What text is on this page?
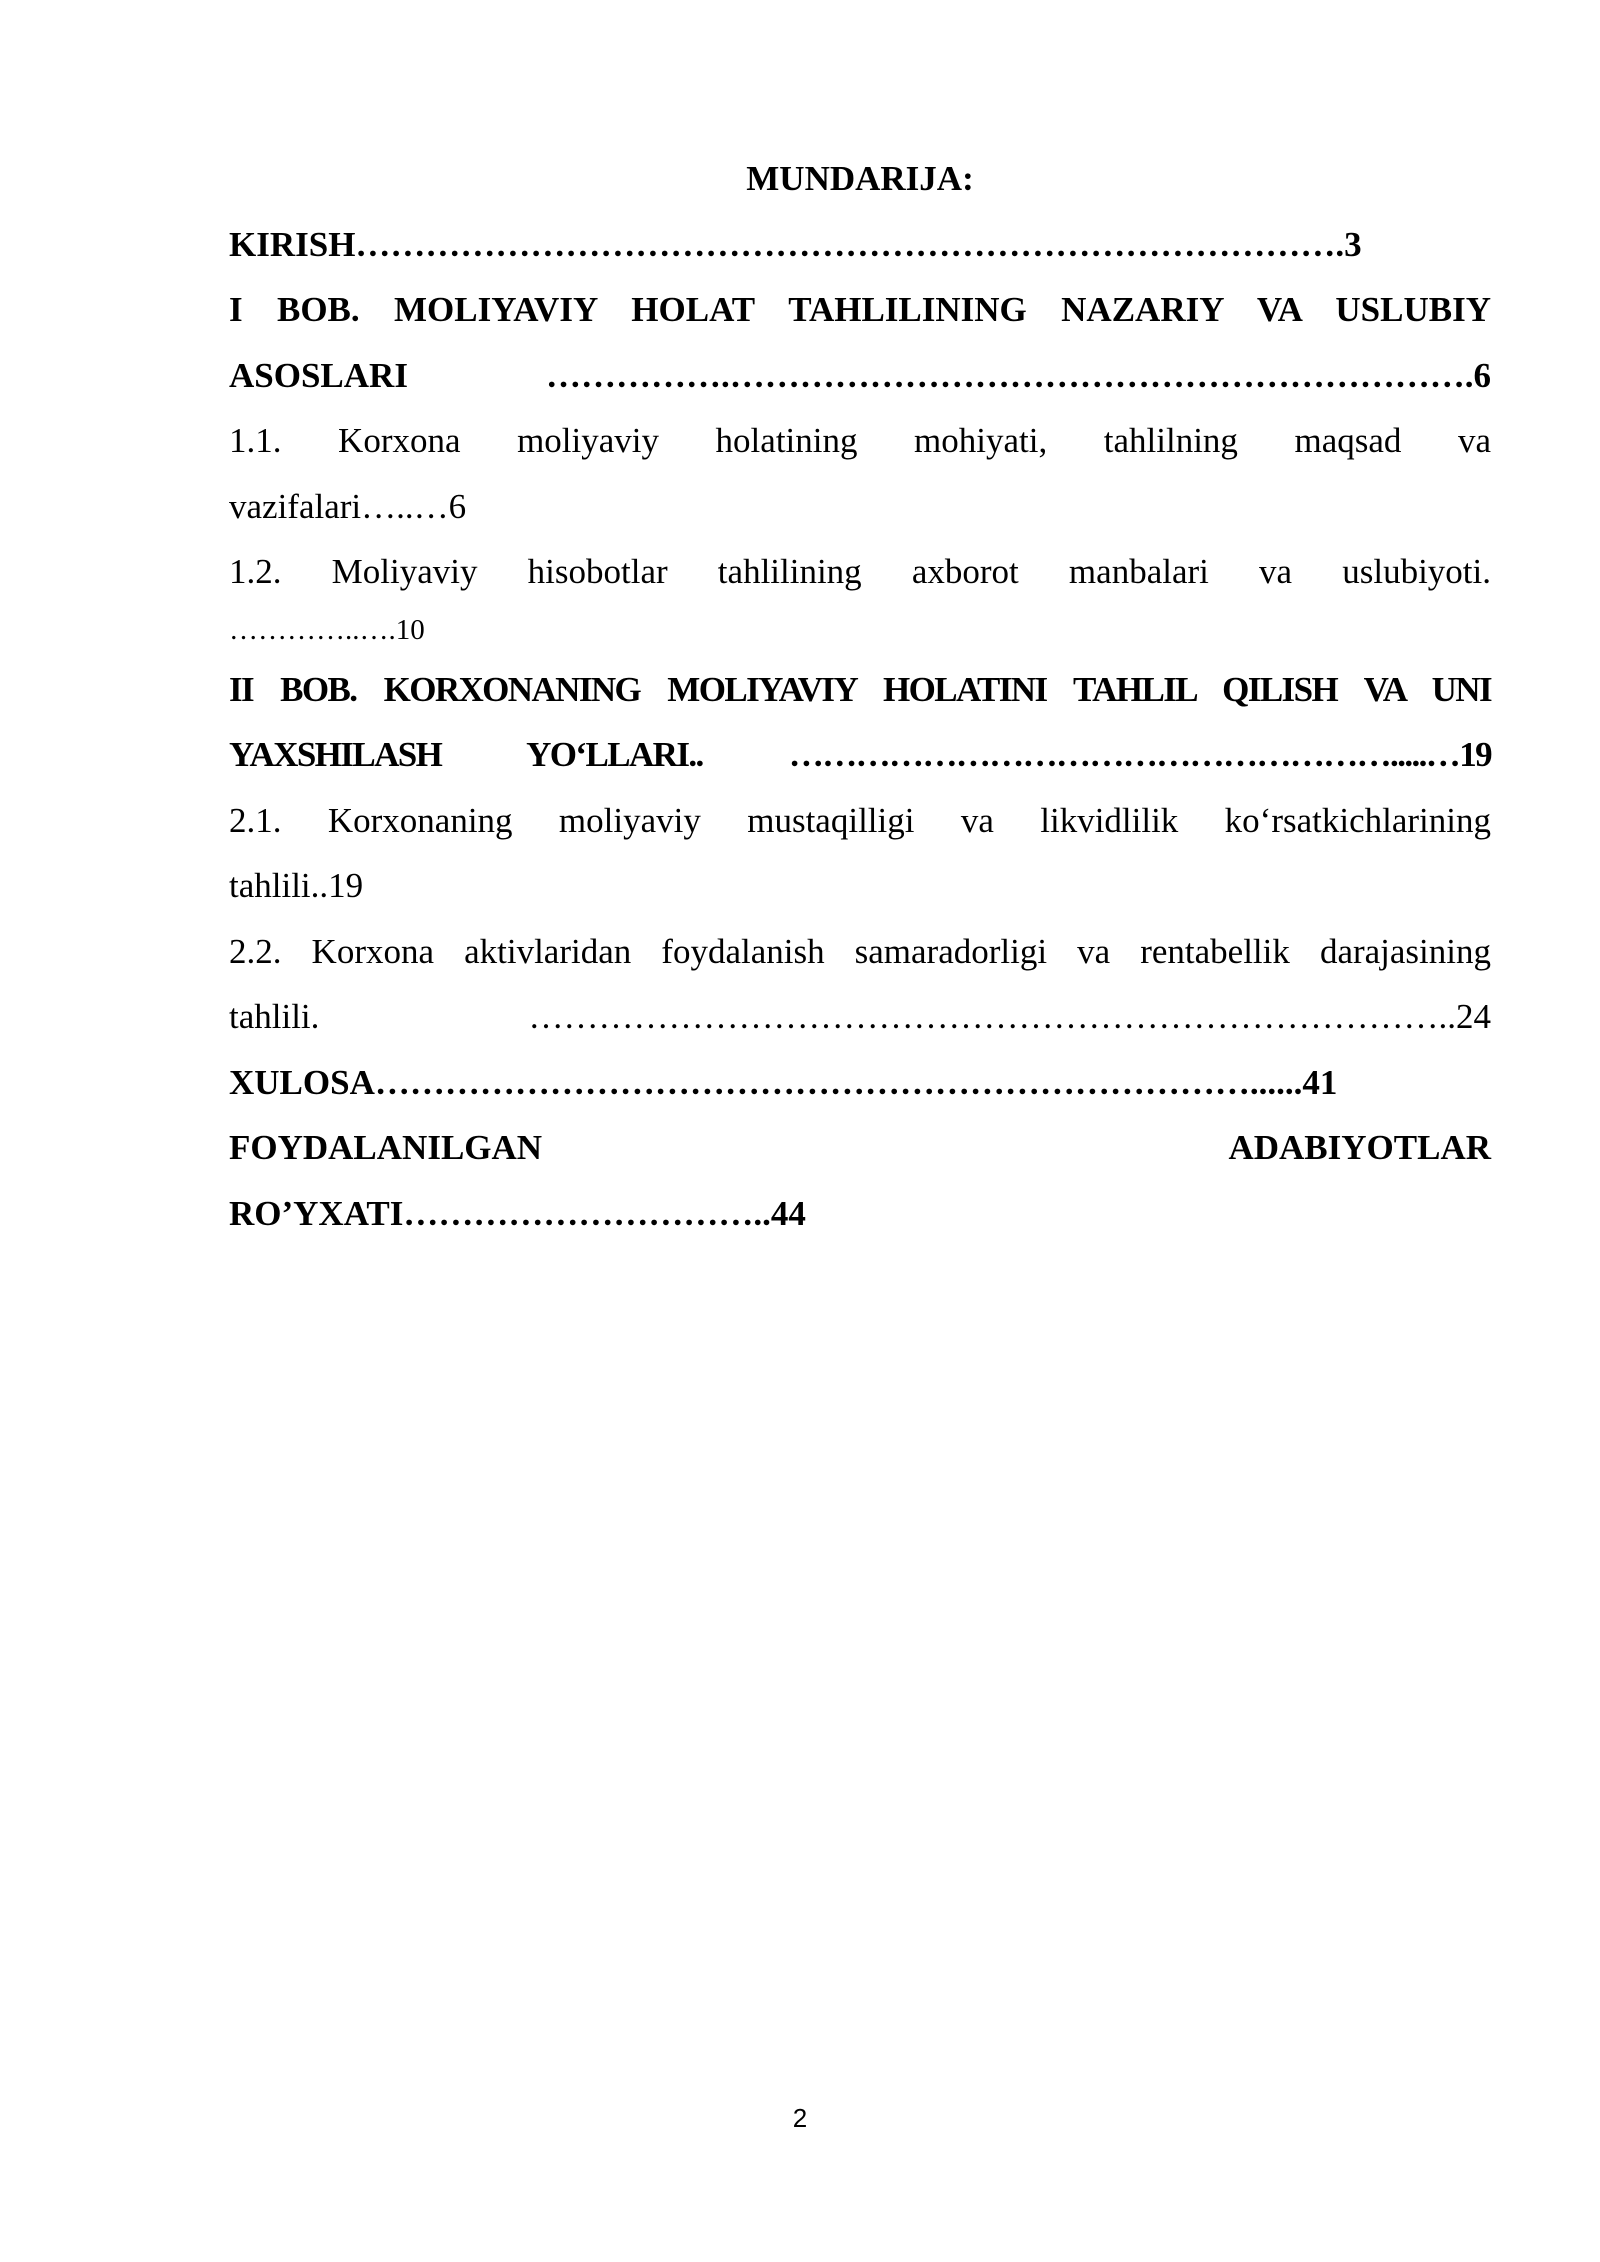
MUNDARIJA:
KIRISH………………………………………………………………………….3
I BOB. MOLIYAVIY HOLAT TAHLILINING NAZARIY VA USLUBIY
ASOSLARI …………….……………………………………………………….6
1.1. Korxona moliyaviy holatining mohiyati, tahlilning maqsad va
vazifalari…..…6
1.2. Moliyaviy hisobotlar tahlilining axborot manbalari va uslubiyoti.
…………..….10
II BOB. KORXONANING MOLIYAVIY HOLATINI TAHLIL QILISH VA UNI
YAXSHILASH YO‘LLARI.. ……………………………………………….....…19
2.1. Korxonaning moliyaviy mustaqilligi va likvidlilik ko‘rsatkichlarining
tahlili..19
2.2. Korxona aktivlaridan foydalanish samaradorligi va rentabellik darajasining
tahlili. ……………………………………………………………………..24
XULOSA…………………………………………………………………......41
FOYDALANILGAN ADABIYOTLAR
RO’YXATI…………………………..44
2
